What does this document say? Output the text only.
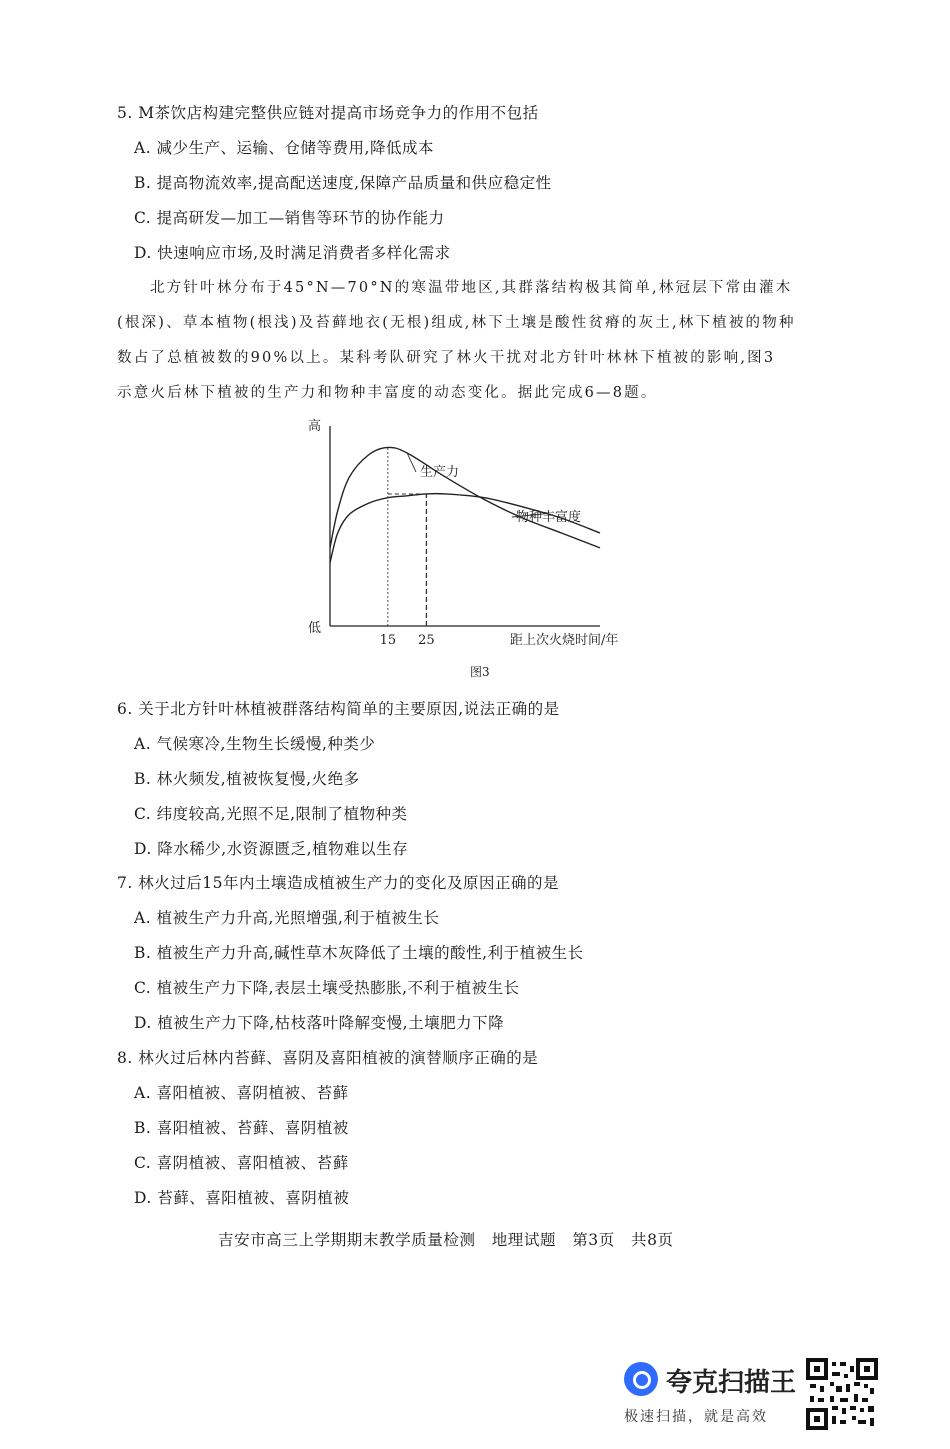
5. M茶饮店构建完整供应链对提高市场竞争力的作用不包括
A. 减少生产、运输、仓储等费用,降低成本
B. 提高物流效率,提高配送速度,保障产品质量和供应稳定性
C. 提高研发—加工—销售等环节的协作能力
D. 快速响应市场,及时满足消费者多样化需求
北方针叶林分布于45°N—70°N的寒温带地区,其群落结构极其简单,林冠层下常由灌木
(根深)、草本植物(根浅)及苔藓地衣(无根)组成,林下土壤是酸性贫瘠的灰土,林下植被的物种
数占了总植被数的90%以上。某科考队研究了林火干扰对北方针叶林林下植被的影响,图3
示意火后林下植被的生产力和物种丰富度的动态变化。据此完成6—8题。
高
低
生产力
物种丰富度
15 25	距上次火烧时间/年
图3
6. 关于北方针叶林植被群落结构简单的主要原因,说法正确的是
A. 气候寒冷,生物生长缓慢,种类少
B. 林火频发,植被恢复慢,火绝多
C. 纬度较高,光照不足,限制了植物种类
D. 降水稀少,水资源匮乏,植物难以生存
7. 林火过后15年内土壤造成植被生产力的变化及原因正确的是
A. 植被生产力升高,光照增强,利于植被生长
B. 植被生产力升高,碱性草木灰降低了土壤的酸性,利于植被生长
C. 植被生产力下降,表层土壤受热膨胀,不利于植被生长
D. 植被生产力下降,枯枝落叶降解变慢,土壤肥力下降
8. 林火过后林内苔藓、喜阴及喜阳植被的演替顺序正确的是
A. 喜阳植被、喜阴植被、苔藓
B. 喜阳植被、苔藓、喜阴植被
C. 喜阴植被、喜阳植被、苔藓
D. 苔藓、喜阳植被、喜阴植被
吉安市高三上学期期末教学质量检测　地理试题　第3页　共8页
夸克扫描王
极速扫描，就是高效
